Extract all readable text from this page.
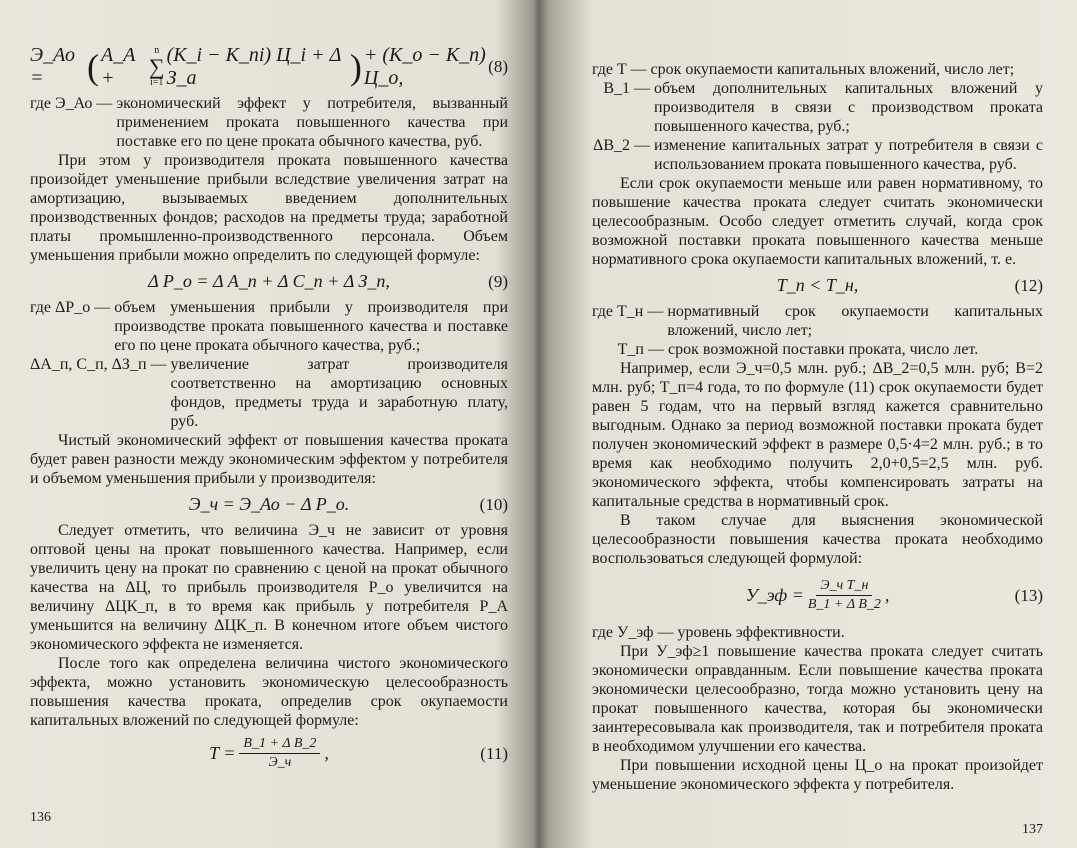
Э_Ао =	( А_А +
n
∑
i=1
(К_i − К_пi) Ц_i + Δ З_а	) + (К_о − К_п) Ц_о,
(8)
где Э_Ао — экономический эффект у потребителя, вызванный применением проката повышенного качества при поставке его по цене проката обычного качества, руб.

При этом у производителя проката повышенного качества произойдет уменьшение прибыли вследствие увеличения затрат на амортизацию, вызываемых введением дополнительных производственных фондов; расходов на предметы труда; заработной платы промышленно-производственного персонала. Объем уменьшения прибыли можно определить по следующей формуле:

Δ P_о = Δ A_п + Δ C_п + Δ З_п,	(9)
где ΔP_о — объем уменьшения прибыли у производителя при производстве проката повышенного качества и поставке его по цене проката обычного качества, руб.;
ΔА_п, С_п, ΔЗ_п — увеличение затрат производителя соответственно на амортизацию основных фондов, предметы труда и заработную плату, руб.

Чистый экономический эффект от повышения качества проката будет равен разности между экономическим эффектом у потребителя и объемом уменьшения прибыли у производителя:

Э_ч = Э_Ао − Δ P_о.	(10)

Следует отметить, что величина Э_ч не зависит от уровня оптовой цены на прокат повышенного качества. Например, если увеличить цену на прокат по сравнению с ценой на прокат обычного качества на ΔЦ, то прибыль производителя P_о увеличится на величину ΔЦК_п, в то время как прибыль у потребителя P_А уменьшится на величину ΔЦК_п. В конечном итоге объем чистого экономического эффекта не изменяется.

После того как определена величина чистого экономического эффекта, можно установить экономическую целесообразность повышения качества проката, определив срок окупаемости капитальных вложений по следующей формуле:

$T = \frac{\text{B\_1 + Δ B\_2}}{Э\_ч}$ ,	(11)
136
где T — срок окупаемости капитальных вложений, число лет;
B_1 — объем дополнительных капитальных вложений у производителя в связи с производством проката повышенного качества, руб.;
ΔB_2 — изменение капитальных затрат у потребителя в связи с использованием проката повышенного качества, руб.

Если срок окупаемости меньше или равен нормативному, то повышение качества проката следует считать экономически целесообразным. Особо следует отметить случай, когда срок возможной поставки проката повышенного качества меньше нормативного срока окупаемости капитальных вложений, т. е.

T_п < T_н,	(12)
где T_н — нормативный срок окупаемости капитальных вложений, число лет;
T_п — срок возможной поставки проката, число лет.

Например, если Э_ч=0,5 млн. руб.; ΔB_2=0,5 млн. руб; B=2 млн. руб; T_п=4 года, то по формуле (11) срок окупаемости будет равен 5 годам, что на первый взгляд кажется сравнительно выгодным. Однако за период возможной поставки проката будет получен экономический эффект в размере 0,5·4=2 млн. руб.; в то время как необходимо получить 2,0+0,5=2,5 млн. руб. экономического эффекта, чтобы компенсировать затраты на капитальные средства в нормативный срок.

В таком случае для выяснения экономической целесообразности повышения качества проката необходимо воспользоваться следующей формулой:

У_эф = $\frac{\text{Э\_ч T\_н}}{\text{B\_1 + Δ B\_2}}$ ,	(13)
где У_эф — уровень эффективности.

При У_эф≥1 повышение качества проката следует считать экономически оправданным. Если повышение качества проката экономически целесообразно, тогда можно установить цену на прокат повышенного качества, которая бы экономически заинтересовывала как производителя, так и потребителя проката в необходимом улучшении его качества.

При повышении исходной цены Ц_о на прокат произойдет уменьшение экономического эффекта у потребителя.

137
